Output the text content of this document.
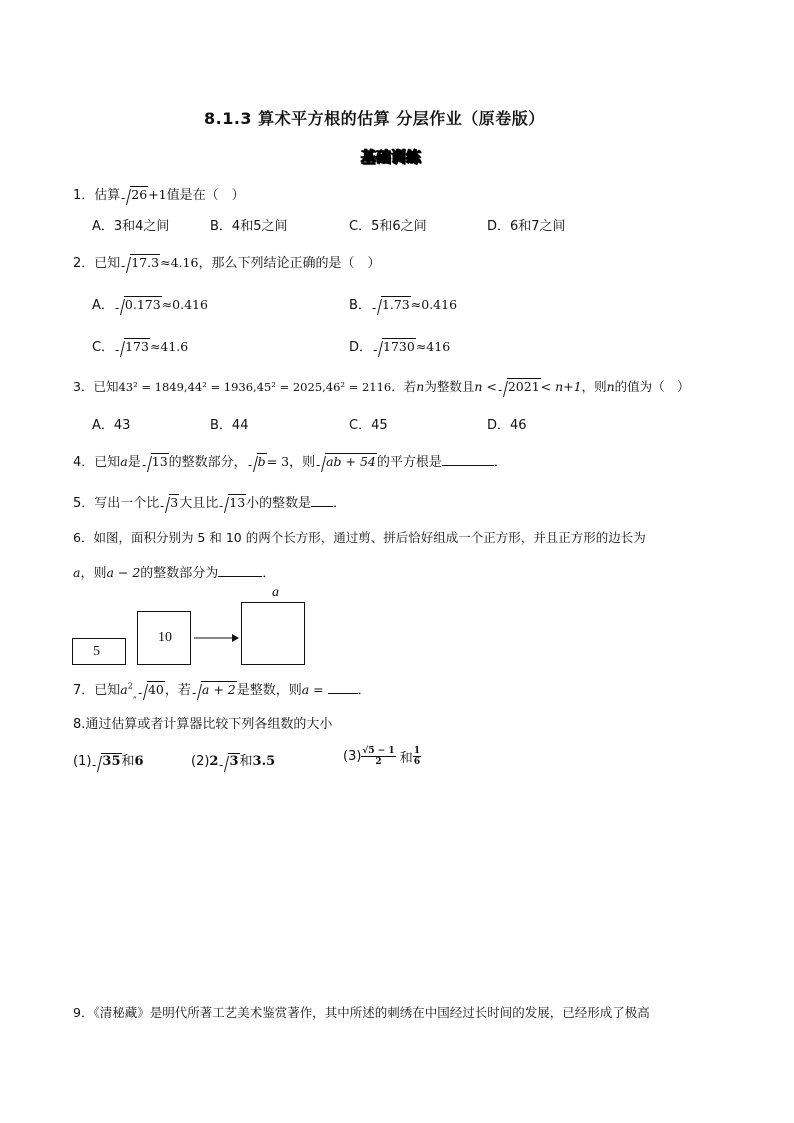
8.1.3 算术平方根的估算 分层作业（原卷版）
基础训练
1．估算 26+1值是在（　）
A．3和4之间	B．4和5之间	C．5和6之间	D．6和7之间
2．已知 17.3≈4.16，那么下列结论正确的是（　）
A． 0.173≈0.416	B． 1.73≈0.416
C． 173≈41.6	D． 1730≈416
3．已知43² = 1849,44² = 1936,45² = 2025,46² = 2116．若n为整数且n < 2021< n+1，则n的值为（　）
A．43	B．44	C．45	D．46
4．已知a是 13的整数部分， b= 3，则 ab + 54的平方根是	．
5．写出一个比 3大且比 13小的整数是 ．
6．如图，面积分别为 5 和 10 的两个长方形，通过剪、拼后恰好组成一个正方形，并且正方形的边长为
a，则a − 2的整数部分为	．
5
10
a
7．已知$a^2_„$ 40，若 a + 2是整数，则a = ．
8.通过估算或者计算器比较下列各组数的大小
(1) 35和6	(2)2 3和3.5	$(3) \frac{√5 - 1}{2}$ 和 $\frac{1}{6}$
9．《清秘藏》是明代所著工艺美术鉴赏著作，其中所述的刺绣在中国经过长时间的发展，已经形成了极高
